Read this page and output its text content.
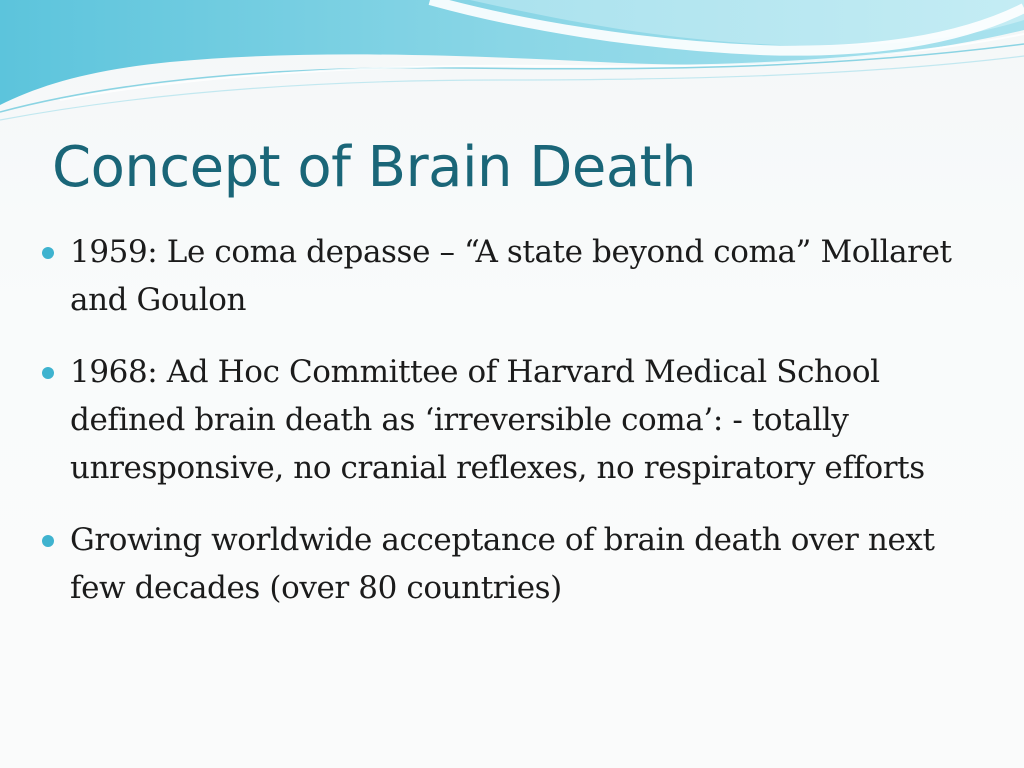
Concept of Brain Death
1959: Le coma depasse – “A state beyond coma” Mollaret and Goulon
1968: Ad Hoc Committee of Harvard Medical School defined brain death as ‘irreversible coma’: - totally unresponsive, no cranial reflexes, no respiratory efforts
Growing worldwide acceptance of brain death over next few decades (over 80 countries)
